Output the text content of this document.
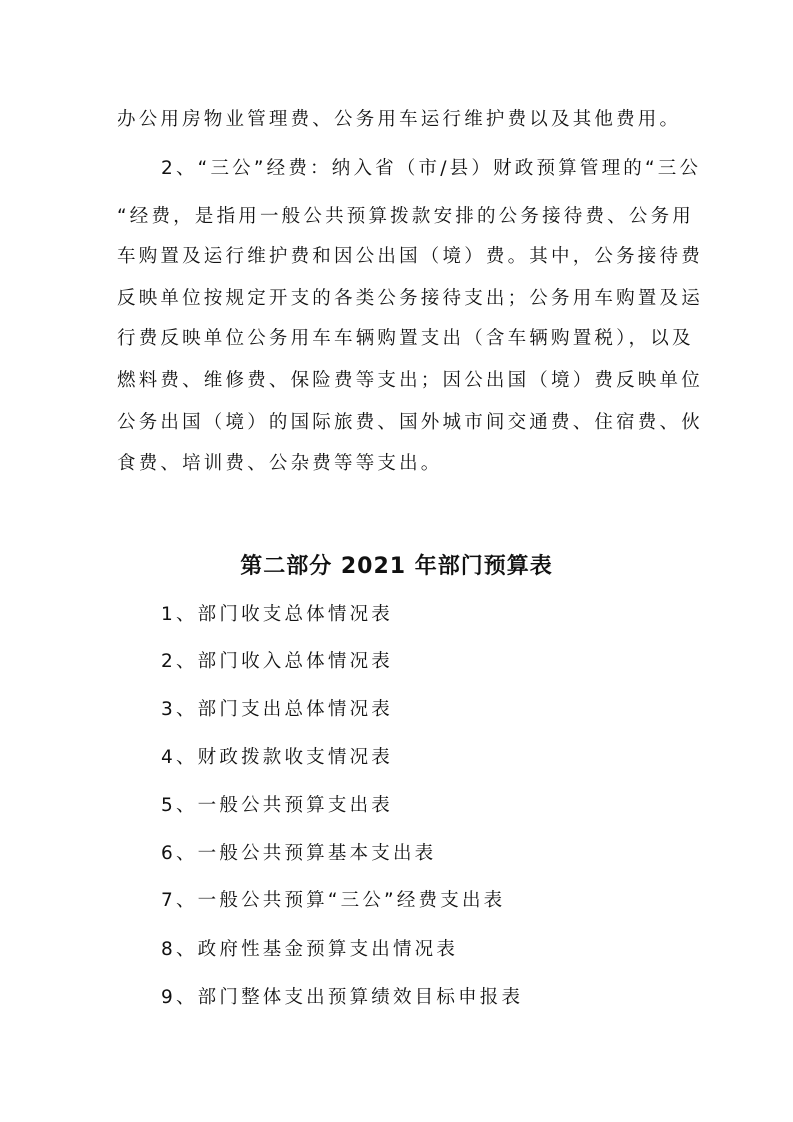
办公用房物业管理费、公务用车运行维护费以及其他费用。
2、“三公”经费：纳入省（市/县）财政预算管理的“三公
“经费，是指用一般公共预算拨款安排的公务接待费、公务用
车购置及运行维护费和因公出国（境）费。其中，公务接待费
反映单位按规定开支的各类公务接待支出；公务用车购置及运
行费反映单位公务用车车辆购置支出（含车辆购置税），以及
燃料费、维修费、保险费等支出；因公出国（境）费反映单位
公务出国（境）的国际旅费、国外城市间交通费、住宿费、伙
食费、培训费、公杂费等等支出。
第二部分 2021 年部门预算表
1、部门收支总体情况表
2、部门收入总体情况表
3、部门支出总体情况表
4、财政拨款收支情况表
5、一般公共预算支出表
6、一般公共预算基本支出表
7、一般公共预算“三公”经费支出表
8、政府性基金预算支出情况表
9、部门整体支出预算绩效目标申报表
